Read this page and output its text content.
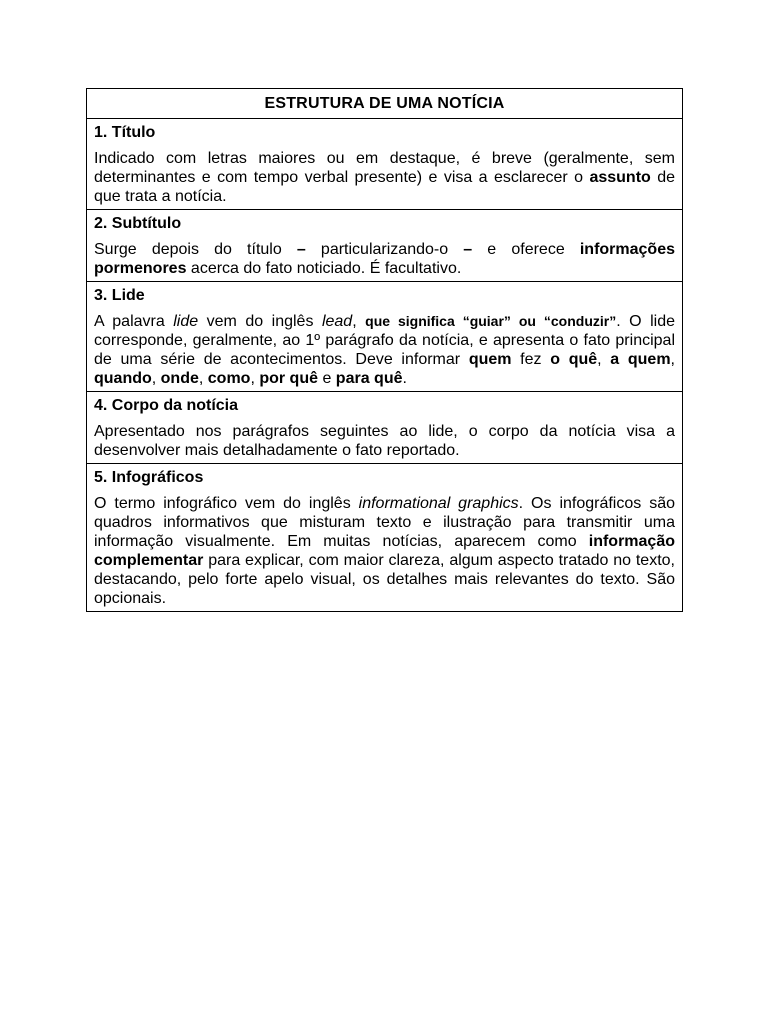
ESTRUTURA DE UMA NOTÍCIA
1. Título

Indicado com letras maiores ou em destaque, é breve (geralmente, sem determinantes e com tempo verbal presente) e visa a esclarecer o assunto de que trata a notícia.

2. Subtítulo

Surge depois do título – particularizando-o – e oferece informações pormenores acerca do fato noticiado. É facultativo.

3. Lide

A palavra lide vem do inglês lead, que significa “guiar” ou “conduzir”. O lide corresponde, geralmente, ao 1º parágrafo da notícia, e apresenta o fato principal de uma série de acontecimentos. Deve informar quem fez o quê, a quem, quando, onde, como, por quê e para quê.

4. Corpo da notícia

Apresentado nos parágrafos seguintes ao lide, o corpo da notícia visa a desenvolver mais detalhadamente o fato reportado.

5. Infográficos

O termo infográfico vem do inglês informational graphics. Os infográficos são quadros informativos que misturam texto e ilustração para transmitir uma informação visualmente. Em muitas notícias, aparecem como informação complementar para explicar, com maior clareza, algum aspecto tratado no texto, destacando, pelo forte apelo visual, os detalhes mais relevantes do texto. São opcionais.
